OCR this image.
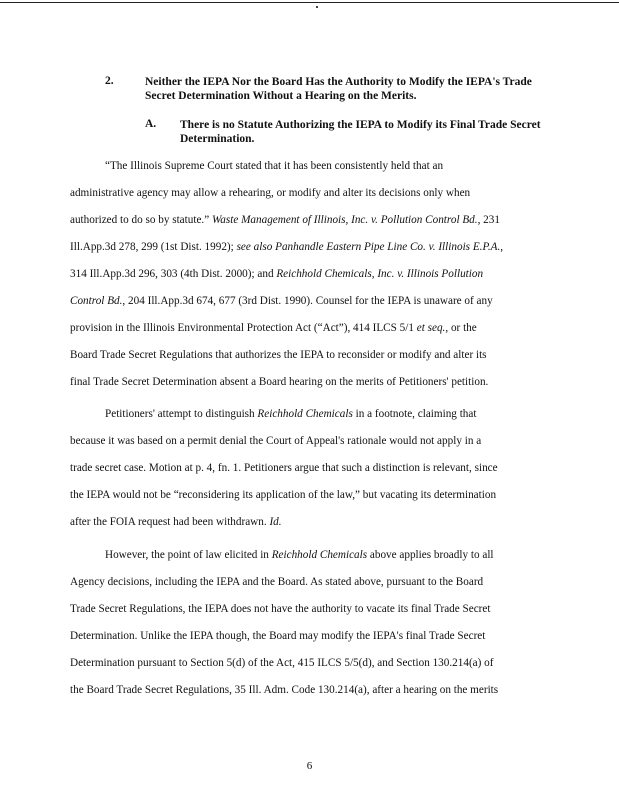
2.	Neither the IEPA Nor the Board Has the Authority to Modify the IEPA's Trade Secret Determination Without a Hearing on the Merits.
A. There is no Statute Authorizing the IEPA to Modify its Final Trade Secret Determination.
“The Illinois Supreme Court stated that it has been consistently held that an
administrative agency may allow a rehearing, or modify and alter its decisions only when
authorized to do so by statute.” Waste Management of Illinois, Inc. v. Pollution Control Bd., 231
Ill.App.3d 278, 299 (1st Dist. 1992); see also Panhandle Eastern Pipe Line Co. v. Illinois E.P.A.,
314 Ill.App.3d 296, 303 (4th Dist. 2000); and Reichhold Chemicals, Inc. v. Illinois Pollution
Control Bd., 204 Ill.App.3d 674, 677 (3rd Dist. 1990). Counsel for the IEPA is unaware of any
provision in the Illinois Environmental Protection Act (“Act”), 414 ILCS 5/1 et seq., or the
Board Trade Secret Regulations that authorizes the IEPA to reconsider or modify and alter its
final Trade Secret Determination absent a Board hearing on the merits of Petitioners' petition.
Petitioners' attempt to distinguish Reichhold Chemicals in a footnote, claiming that
because it was based on a permit denial the Court of Appeal's rationale would not apply in a
trade secret case. Motion at p. 4, fn. 1. Petitioners argue that such a distinction is relevant, since
the IEPA would not be “reconsidering its application of the law,” but vacating its determination
after the FOIA request had been withdrawn. Id.
However, the point of law elicited in Reichhold Chemicals above applies broadly to all
Agency decisions, including the IEPA and the Board. As stated above, pursuant to the Board
Trade Secret Regulations, the IEPA does not have the authority to vacate its final Trade Secret
Determination. Unlike the IEPA though, the Board may modify the IEPA's final Trade Secret
Determination pursuant to Section 5(d) of the Act, 415 ILCS 5/5(d), and Section 130.214(a) of
the Board Trade Secret Regulations, 35 Ill. Adm. Code 130.214(a), after a hearing on the merits
6
